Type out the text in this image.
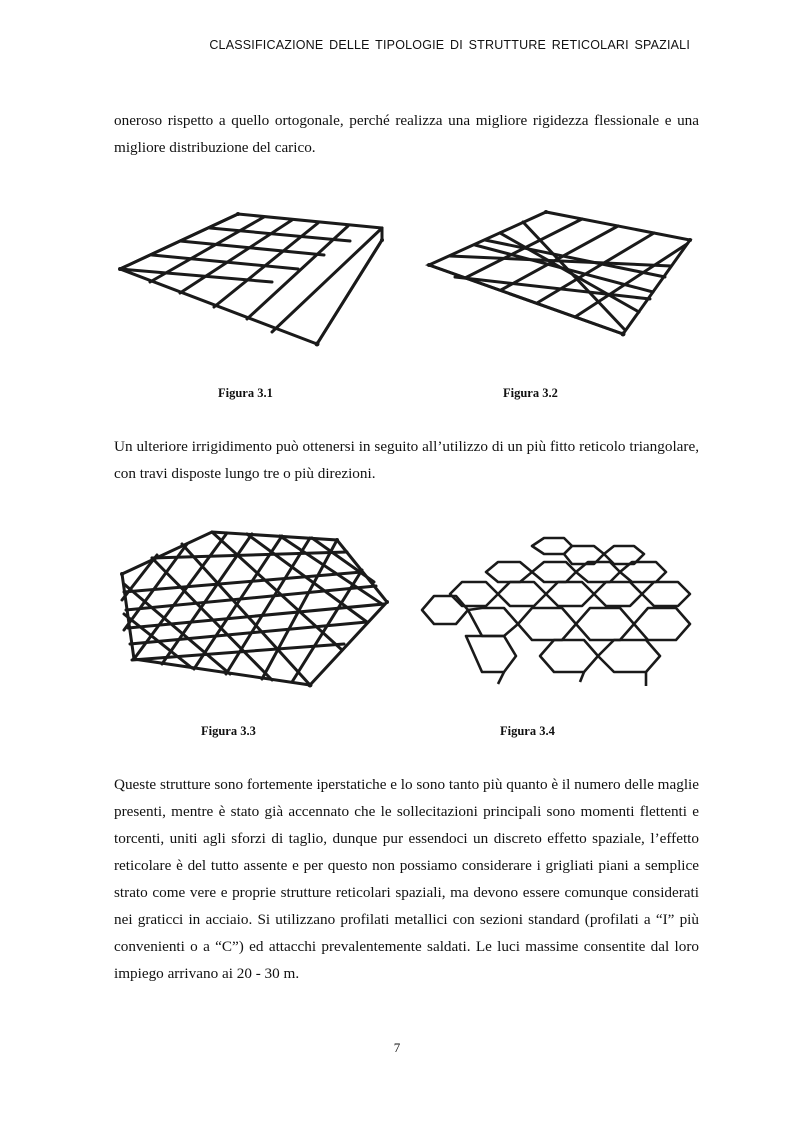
CLASSIFICAZIONE DELLE TIPOLOGIE DI STRUTTURE RETICOLARI SPAZIALI

oneroso rispetto a quello ortogonale, perché realizza una migliore rigidezza flessionale e una migliore distribuzione del carico.

Figura 3.1	Figura 3.2

Un ulteriore irrigidimento può ottenersi in seguito all’utilizzo di un più fitto reticolo triangolare, con travi disposte lungo tre o più direzioni.

Figura 3.3	Figura 3.4

Queste strutture sono fortemente iperstatiche e lo sono tanto più quanto è il numero delle maglie presenti, mentre è stato già accennato che le sollecitazioni principali sono momenti flettenti e torcenti, uniti agli sforzi di taglio, dunque pur essendoci un discreto effetto spaziale, l’effetto reticolare è del tutto assente e per questo non possiamo considerare i grigliati piani a semplice strato come vere e proprie strutture reticolari spaziali, ma devono essere comunque considerati nei graticci in acciaio. Si utilizzano profilati metallici con sezioni standard (profilati a “I” più convenienti o a “C”) ed attacchi prevalentemente saldati. Le luci massime consentite dal loro impiego arrivano ai 20 - 30 m.

7
